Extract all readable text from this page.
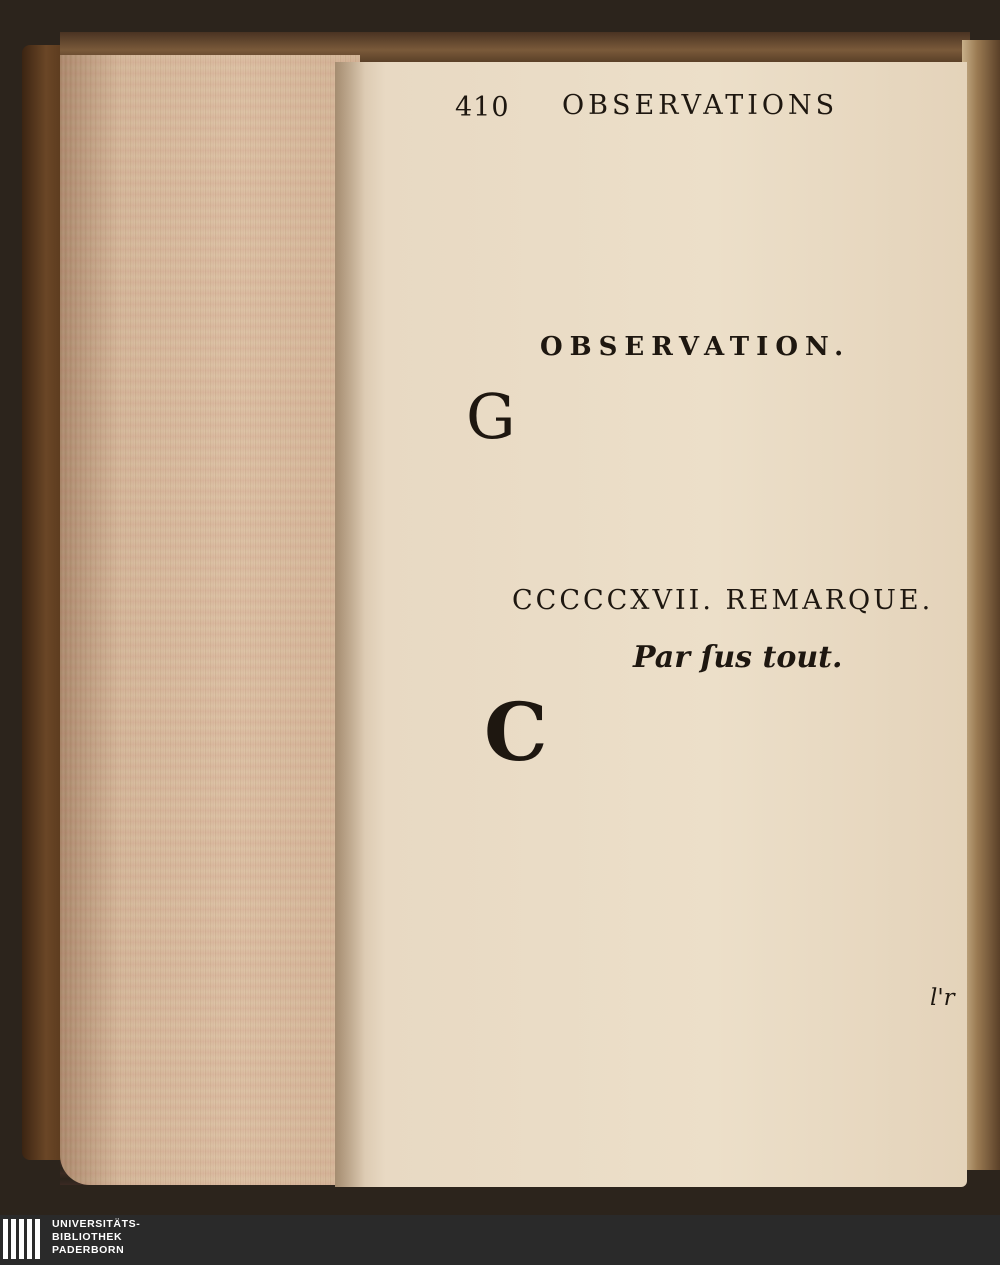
410 OBSERVATIONS
OBSERVATION.
G
CCCCCXVII. REMARQUE.
Par ſus tout.
C
l'r
UNIVERSITÄTS-
BIBLIOTHEK
PADERBORN
